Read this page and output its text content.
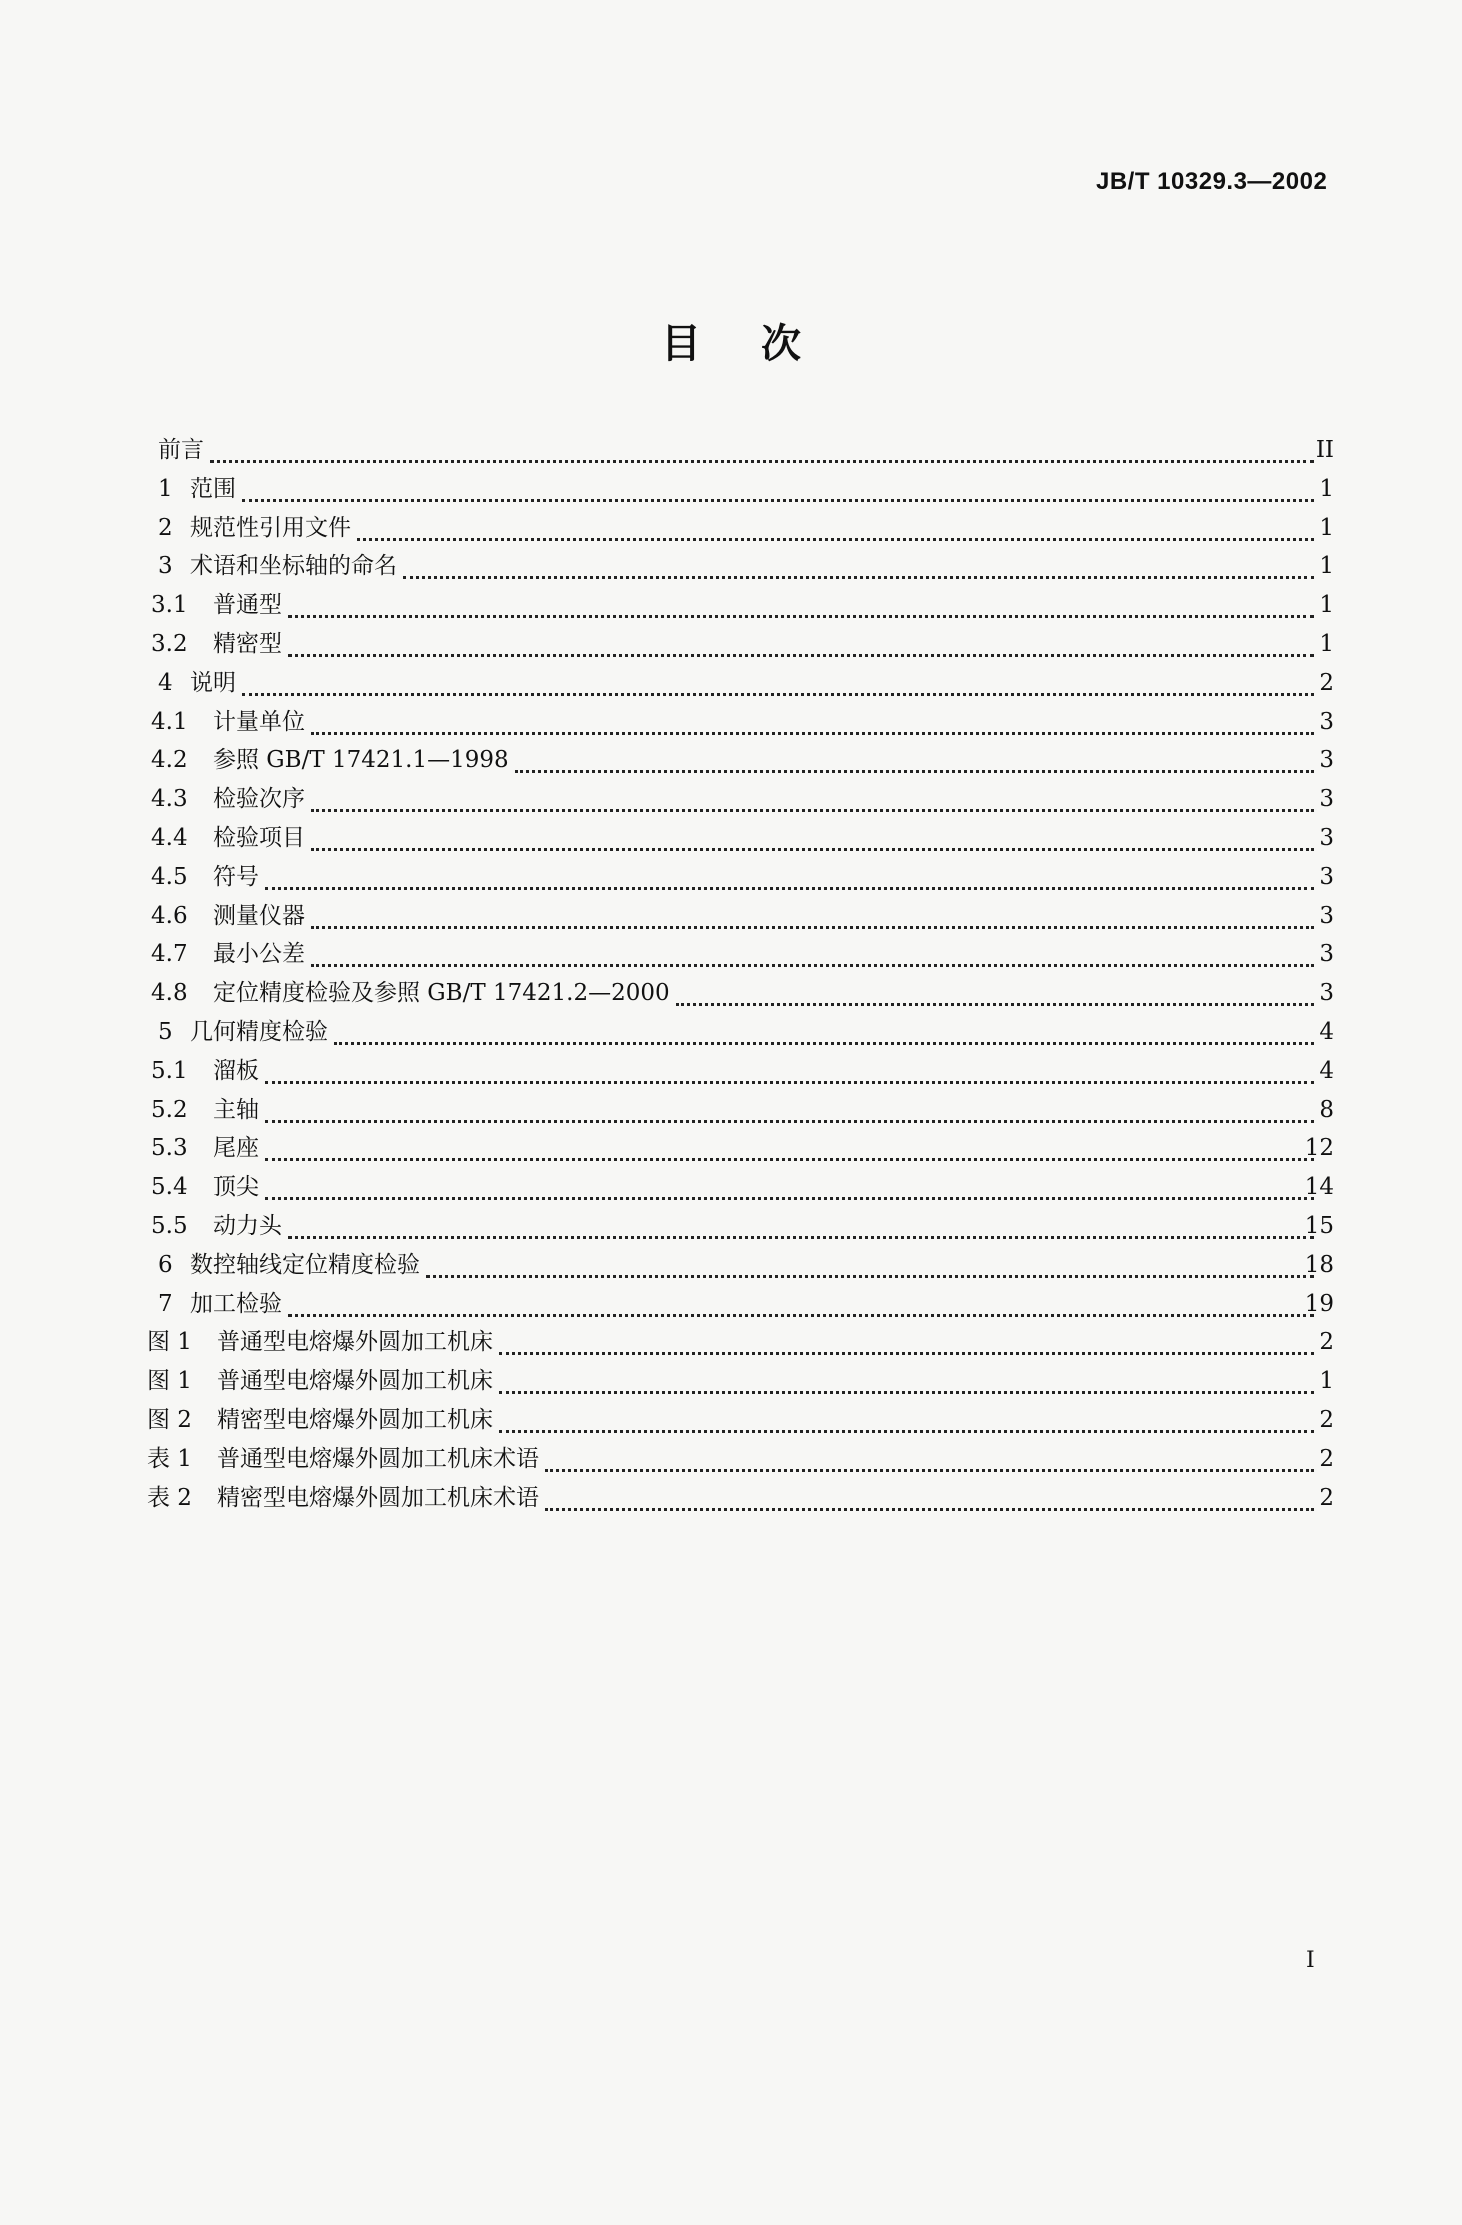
JB/T 10329.3—2002
目次
前言	II
1 范围	1
2 规范性引用文件	1
3 术语和坐标轴的命名	1
3.1 普通型	1
3.2 精密型	1
4 说明	2
4.1 计量单位	3
4.2 参照 GB/T 17421.1—1998	3
4.3 检验次序	3
4.4 检验项目	3
4.5 符号	3
4.6 测量仪器	3
4.7 最小公差	3
4.8 定位精度检验及参照 GB/T 17421.2—2000	3
5 几何精度检验	4
5.1 溜板	4
5.2 主轴	8
5.3 尾座	12
5.4 顶尖	14
5.5 动力头	15
6 数控轴线定位精度检验	18
7 加工检验	19
图 1 普通型电熔爆外圆加工机床	2
图 1 普通型电熔爆外圆加工机床	1
图 2 精密型电熔爆外圆加工机床	2
表 1 普通型电熔爆外圆加工机床术语	2
表 2 精密型电熔爆外圆加工机床术语	2
I
